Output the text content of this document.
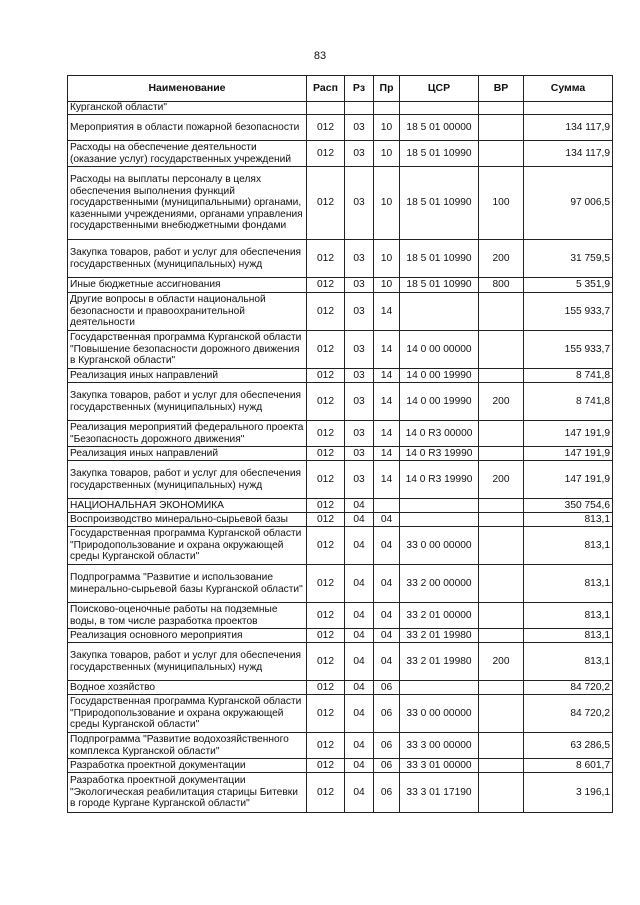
83
Наименование	Расп	Рз	Пр	ЦСР	ВР	Сумма
Курганской области"						
Мероприятия в области пожарной безопасности	012	03	10	18 5 01 00000		134 117,9
Расходы на обеспечение деятельности (оказание услуг) государственных учреждений	012	03	10	18 5 01 10990		134 117,9
Расходы на выплаты персоналу в целях обеспечения выполнения функций государственными (муниципальными) органами, казенными учреждениями, органами управления государственными внебюджетными фондами	012	03	10	18 5 01 10990	100	97 006,5
Закупка товаров, работ и услуг для обеспечения государственных (муниципальных) нужд	012	03	10	18 5 01 10990	200	31 759,5
Иные бюджетные ассигнования	012	03	10	18 5 01 10990	800	5 351,9
Другие вопросы в области национальной безопасности и правоохранительной деятельности	012	03	14			155 933,7
Государственная программа Курганской области "Повышение безопасности дорожного движения в Курганской области"	012	03	14	14 0 00 00000		155 933,7
Реализация иных направлений	012	03	14	14 0 00 19990		8 741,8
Закупка товаров, работ и услуг для обеспечения государственных (муниципальных) нужд	012	03	14	14 0 00 19990	200	8 741,8
Реализация мероприятий федерального проекта "Безопасность дорожного движения"	012	03	14	14 0 R3 00000		147 191,9
Реализация иных направлений	012	03	14	14 0 R3 19990		147 191,9
Закупка товаров, работ и услуг для обеспечения государственных (муниципальных) нужд	012	03	14	14 0 R3 19990	200	147 191,9
НАЦИОНАЛЬНАЯ ЭКОНОМИКА	012	04				350 754,6
Воспроизводство минерально-сырьевой базы	012	04	04			813,1
Государственная программа Курганской области "Природопользование и охрана окружающей среды Курганской области"	012	04	04	33 0 00 00000		813,1
Подпрограмма "Развитие и использование минерально-сырьевой базы Курганской области"	012	04	04	33 2 00 00000		813,1
Поисково-оценочные работы на подземные воды, в том числе разработка проектов	012	04	04	33 2 01 00000		813,1
Реализация основного мероприятия	012	04	04	33 2 01 19980		813,1
Закупка товаров, работ и услуг для обеспечения государственных (муниципальных) нужд	012	04	04	33 2 01 19980	200	813,1
Водное хозяйство	012	04	06			84 720,2
Государственная программа Курганской области "Природопользование и охрана окружающей среды Курганской области"	012	04	06	33 0 00 00000		84 720,2
Подпрограмма "Развитие водохозяйственного комплекса Курганской области"	012	04	06	33 3 00 00000		63 286,5
Разработка проектной документации	012	04	06	33 3 01 00000		8 601,7
Разработка проектной документации "Экологическая реабилитация старицы Битевки в городе Кургане Курганской области"	012	04	06	33 3 01 17190		3 196,1
